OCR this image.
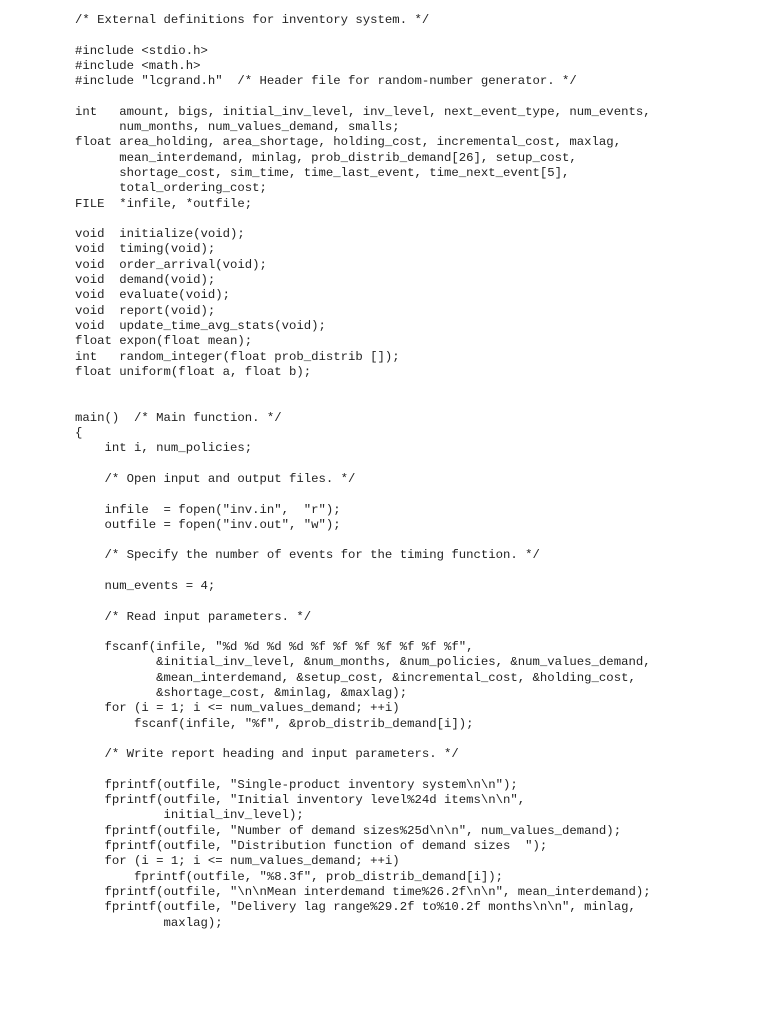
/* External definitions for inventory system. */
#include <stdio.h>
#include <math.h>
#include "lcgrand.h"  /* Header file for random-number generator. */
int   amount, bigs, initial_inv_level, inv_level, next_event_type, num_events,
num_months, num_values_demand, smalls;
float area_holding, area_shortage, holding_cost, incremental_cost, maxlag,
mean_interdemand, minlag, prob_distrib_demand[26], setup_cost,
shortage_cost, sim_time, time_last_event, time_next_event[5],
total_ordering_cost;
FILE  *infile, *outfile;
void  initialize(void);
void  timing(void);
void  order_arrival(void);
void  demand(void);
void  evaluate(void);
void  report(void);
void  update_time_avg_stats(void);
float expon(float mean);
int   random_integer(float prob_distrib []);
float uniform(float a, float b);
main()  /* Main function. */
{
int i, num_policies;
/* Open input and output files. */
infile  = fopen("inv.in",  "r");
outfile = fopen("inv.out", "w");
/* Specify the number of events for the timing function. */
num_events = 4;
/* Read input parameters. */
fscanf(infile, "%d %d %d %d %f %f %f %f %f %f %f",
&initial_inv_level, &num_months, &num_policies, &num_values_demand,
&mean_interdemand, &setup_cost, &incremental_cost, &holding_cost,
&shortage_cost, &minlag, &maxlag);
for (i = 1; i <= num_values_demand; ++i)
fscanf(infile, "%f", &prob_distrib_demand[i]);
/* Write report heading and input parameters. */
fprintf(outfile, "Single-product inventory system\n\n");
fprintf(outfile, "Initial inventory level%24d items\n\n",
initial_inv_level);
fprintf(outfile, "Number of demand sizes%25d\n\n", num_values_demand);
fprintf(outfile, "Distribution function of demand sizes  ");
for (i = 1; i <= num_values_demand; ++i)
fprintf(outfile, "%8.3f", prob_distrib_demand[i]);
fprintf(outfile, "\n\nMean interdemand time%26.2f\n\n", mean_interdemand);
fprintf(outfile, "Delivery lag range%29.2f to%10.2f months\n\n", minlag,
maxlag);
